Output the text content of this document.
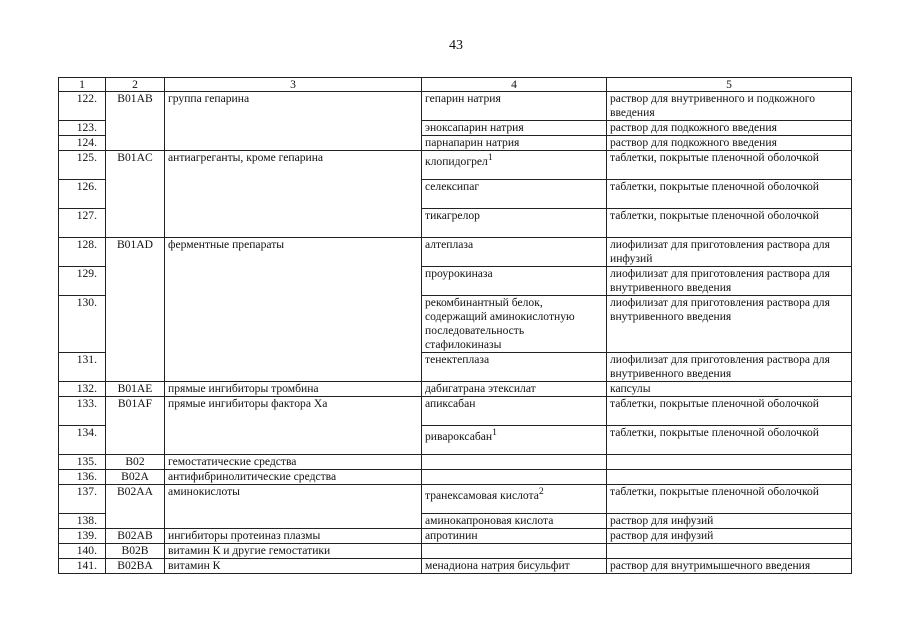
43
1	2	3	4	5
122.	B01AB	группа гепарина	гепарин натрия	раствор для внутривенного и подкожного введения
123.			эноксапарин натрия	раствор для подкожного введения
124.			парнапарин натрия	раствор для подкожного введения
125.	B01AC	антиагреганты, кроме гепарина	клопидогрел$^1$	таблетки, покрытые пленочной оболочкой
126.			селексипаг	таблетки, покрытые пленочной оболочкой
127.			тикагрелор	таблетки, покрытые пленочной оболочкой
128.	B01AD	ферментные препараты	алтеплаза	лиофилизат для приготовления раствора для инфузий
129.			проурокиназа	лиофилизат для приготовления раствора для внутривенного введения
130.			рекомбинантный белок, содержащий аминокислотную последовательность стафилокиназы	лиофилизат для приготовления раствора для внутривенного введения
131.			тенектеплаза	лиофилизат для приготовления раствора для внутривенного введения
132.	B01AE	прямые ингибиторы тромбина	дабигатрана этексилат	капсулы
133.	B01AF	прямые ингибиторы фактора Xa	апиксабан	таблетки, покрытые пленочной оболочкой
134.			ривароксабан$^1$	таблетки, покрытые пленочной оболочкой
135.	B02	гемостатические средства		
136.	B02A	антифибринолитические средства		
137.	B02AA	аминокислоты	транексамовая кислота$^2$	таблетки, покрытые пленочной оболочкой
138.			аминокапроновая кислота	раствор для инфузий
139.	B02AB	ингибиторы протеиназ плазмы	апротинин	раствор для инфузий
140.	B02B	витамин К и другие гемостатики		
141.	B02BA	витамин К	менадиона натрия бисульфит	раствор для внутримышечного введения
